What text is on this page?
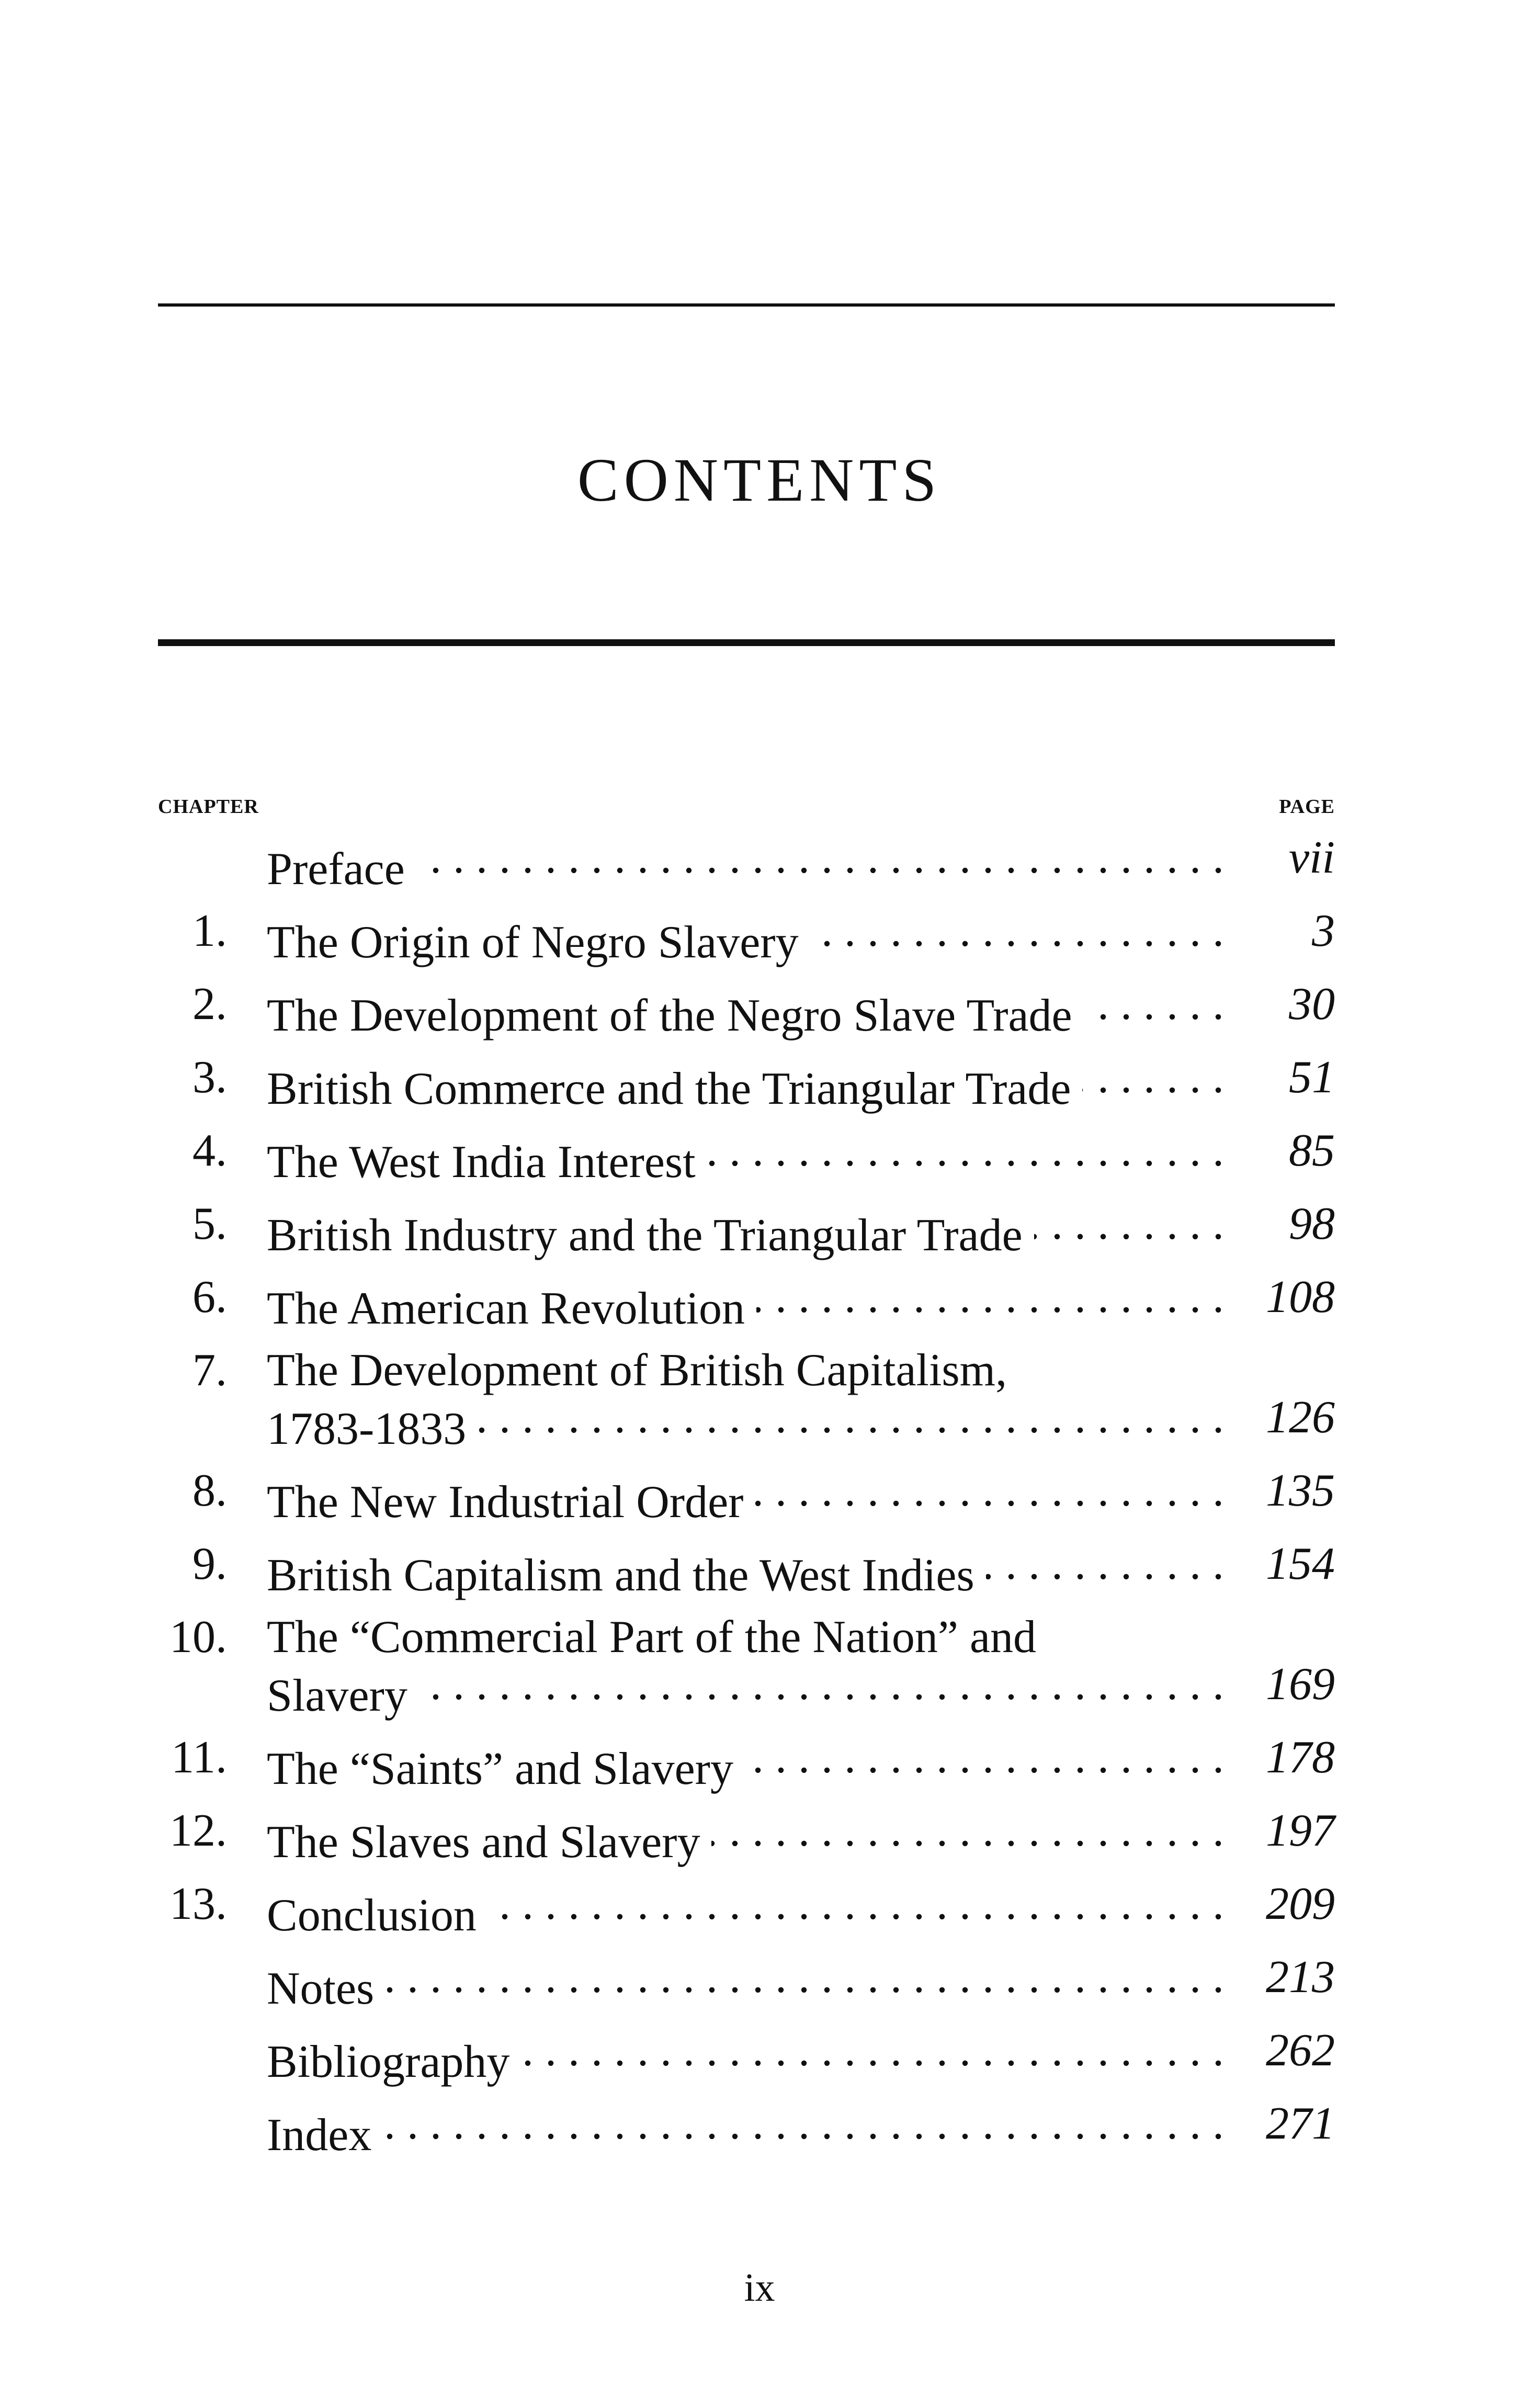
CONTENTS
CHAPTER	PAGE
Preface . . .	vii
1. The Origin of Negro Slavery . . .	3
2. The Development of the Negro Slave Trade . . .	30
3. British Commerce and the Triangular Trade . . .	51
4. The West India Interest . . .	85
5. British Industry and the Triangular Trade . . .	98
6. The American Revolution . . .	108
7. The Development of British Capitalism,
1783-1833 . . .	126
8. The New Industrial Order . . .	135
9. British Capitalism and the West Indies . . .	154
10. The “Commercial Part of the Nation” and
Slavery . . .	169
11. The “Saints” and Slavery . . .	178
12. The Slaves and Slavery . . .	197
13. Conclusion . . .	209
Notes . . .	213
Bibliography . . .	262
Index . . .	271
ix
